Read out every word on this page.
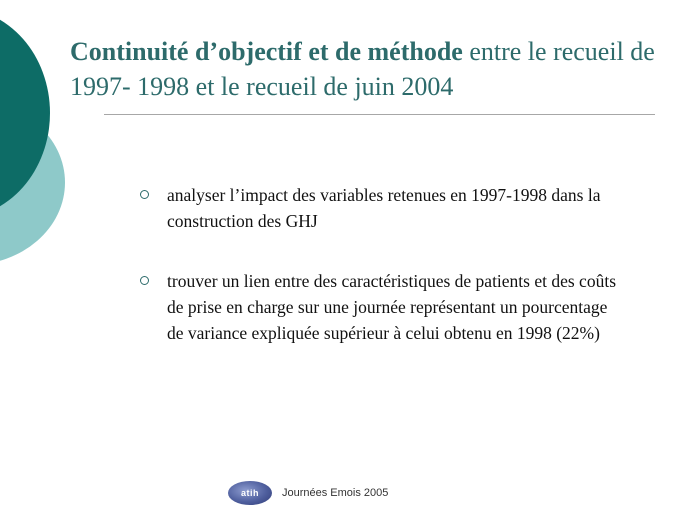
Continuité d’objectif et de méthode entre le recueil de 1997- 1998 et le recueil de juin 2004
analyser l’impact des variables retenues en 1997-1998 dans la construction des GHJ
trouver un lien entre des caractéristiques de patients et des coûts de prise en charge sur une journée représentant un pourcentage de variance expliquée supérieur à celui obtenu en 1998 (22%)
atih	Journées Emois 2005
